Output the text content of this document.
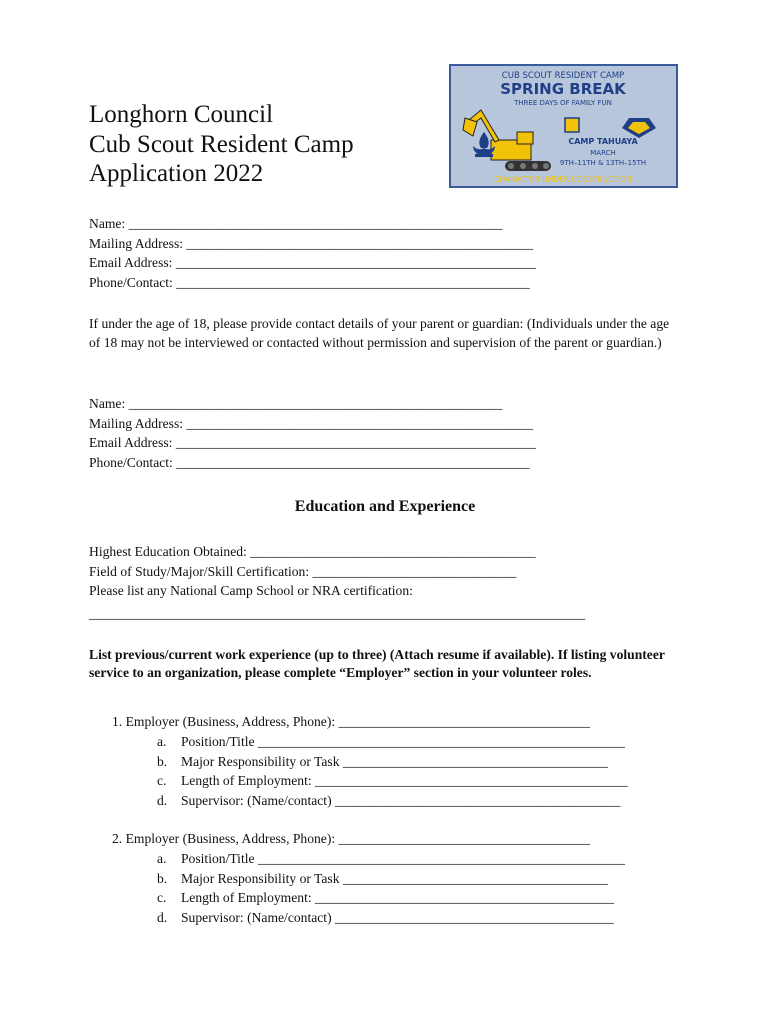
Longhorn Council
Cub Scout Resident Camp
Application 2022
CUB SCOUT RESIDENT CAMP
SPRING BREAK
THREE DAYS OF FAMILY FUN
CAMP TAHUAYA
MARCH
9TH–11TH & 13TH–15TH
CHARACTER UNDER CONSTRUCTION
Name: _______________________________________________________
Mailing Address: ___________________________________________________
Email Address: _____________________________________________________
Phone/Contact: ____________________________________________________
If under the age of 18, please provide contact details of your parent or guardian: (Individuals under the age of 18 may not be interviewed or contacted without permission and supervision of the parent or guardian.)
Name: _______________________________________________________
Mailing Address: ___________________________________________________
Email Address: _____________________________________________________
Phone/Contact: ____________________________________________________
Education and Experience
Highest Education Obtained: __________________________________________
Field of Study/Major/Skill Certification: ______________________________
Please list any National Camp School or NRA certification:
_________________________________________________________________________
List previous/current work experience (up to three) (Attach resume if available). If listing volunteer service to an organization, please complete “Employer” section in your volunteer roles.
1. Employer (Business, Address, Phone): _____________________________________
a. Position/Title ______________________________________________________
b. Major Responsibility or Task _______________________________________
c. Length of Employment: ______________________________________________
d. Supervisor: (Name/contact) __________________________________________
2. Employer (Business, Address, Phone): _____________________________________
a. Position/Title ______________________________________________________
b. Major Responsibility or Task _______________________________________
c. Length of Employment: ____________________________________________
d. Supervisor: (Name/contact) _________________________________________
